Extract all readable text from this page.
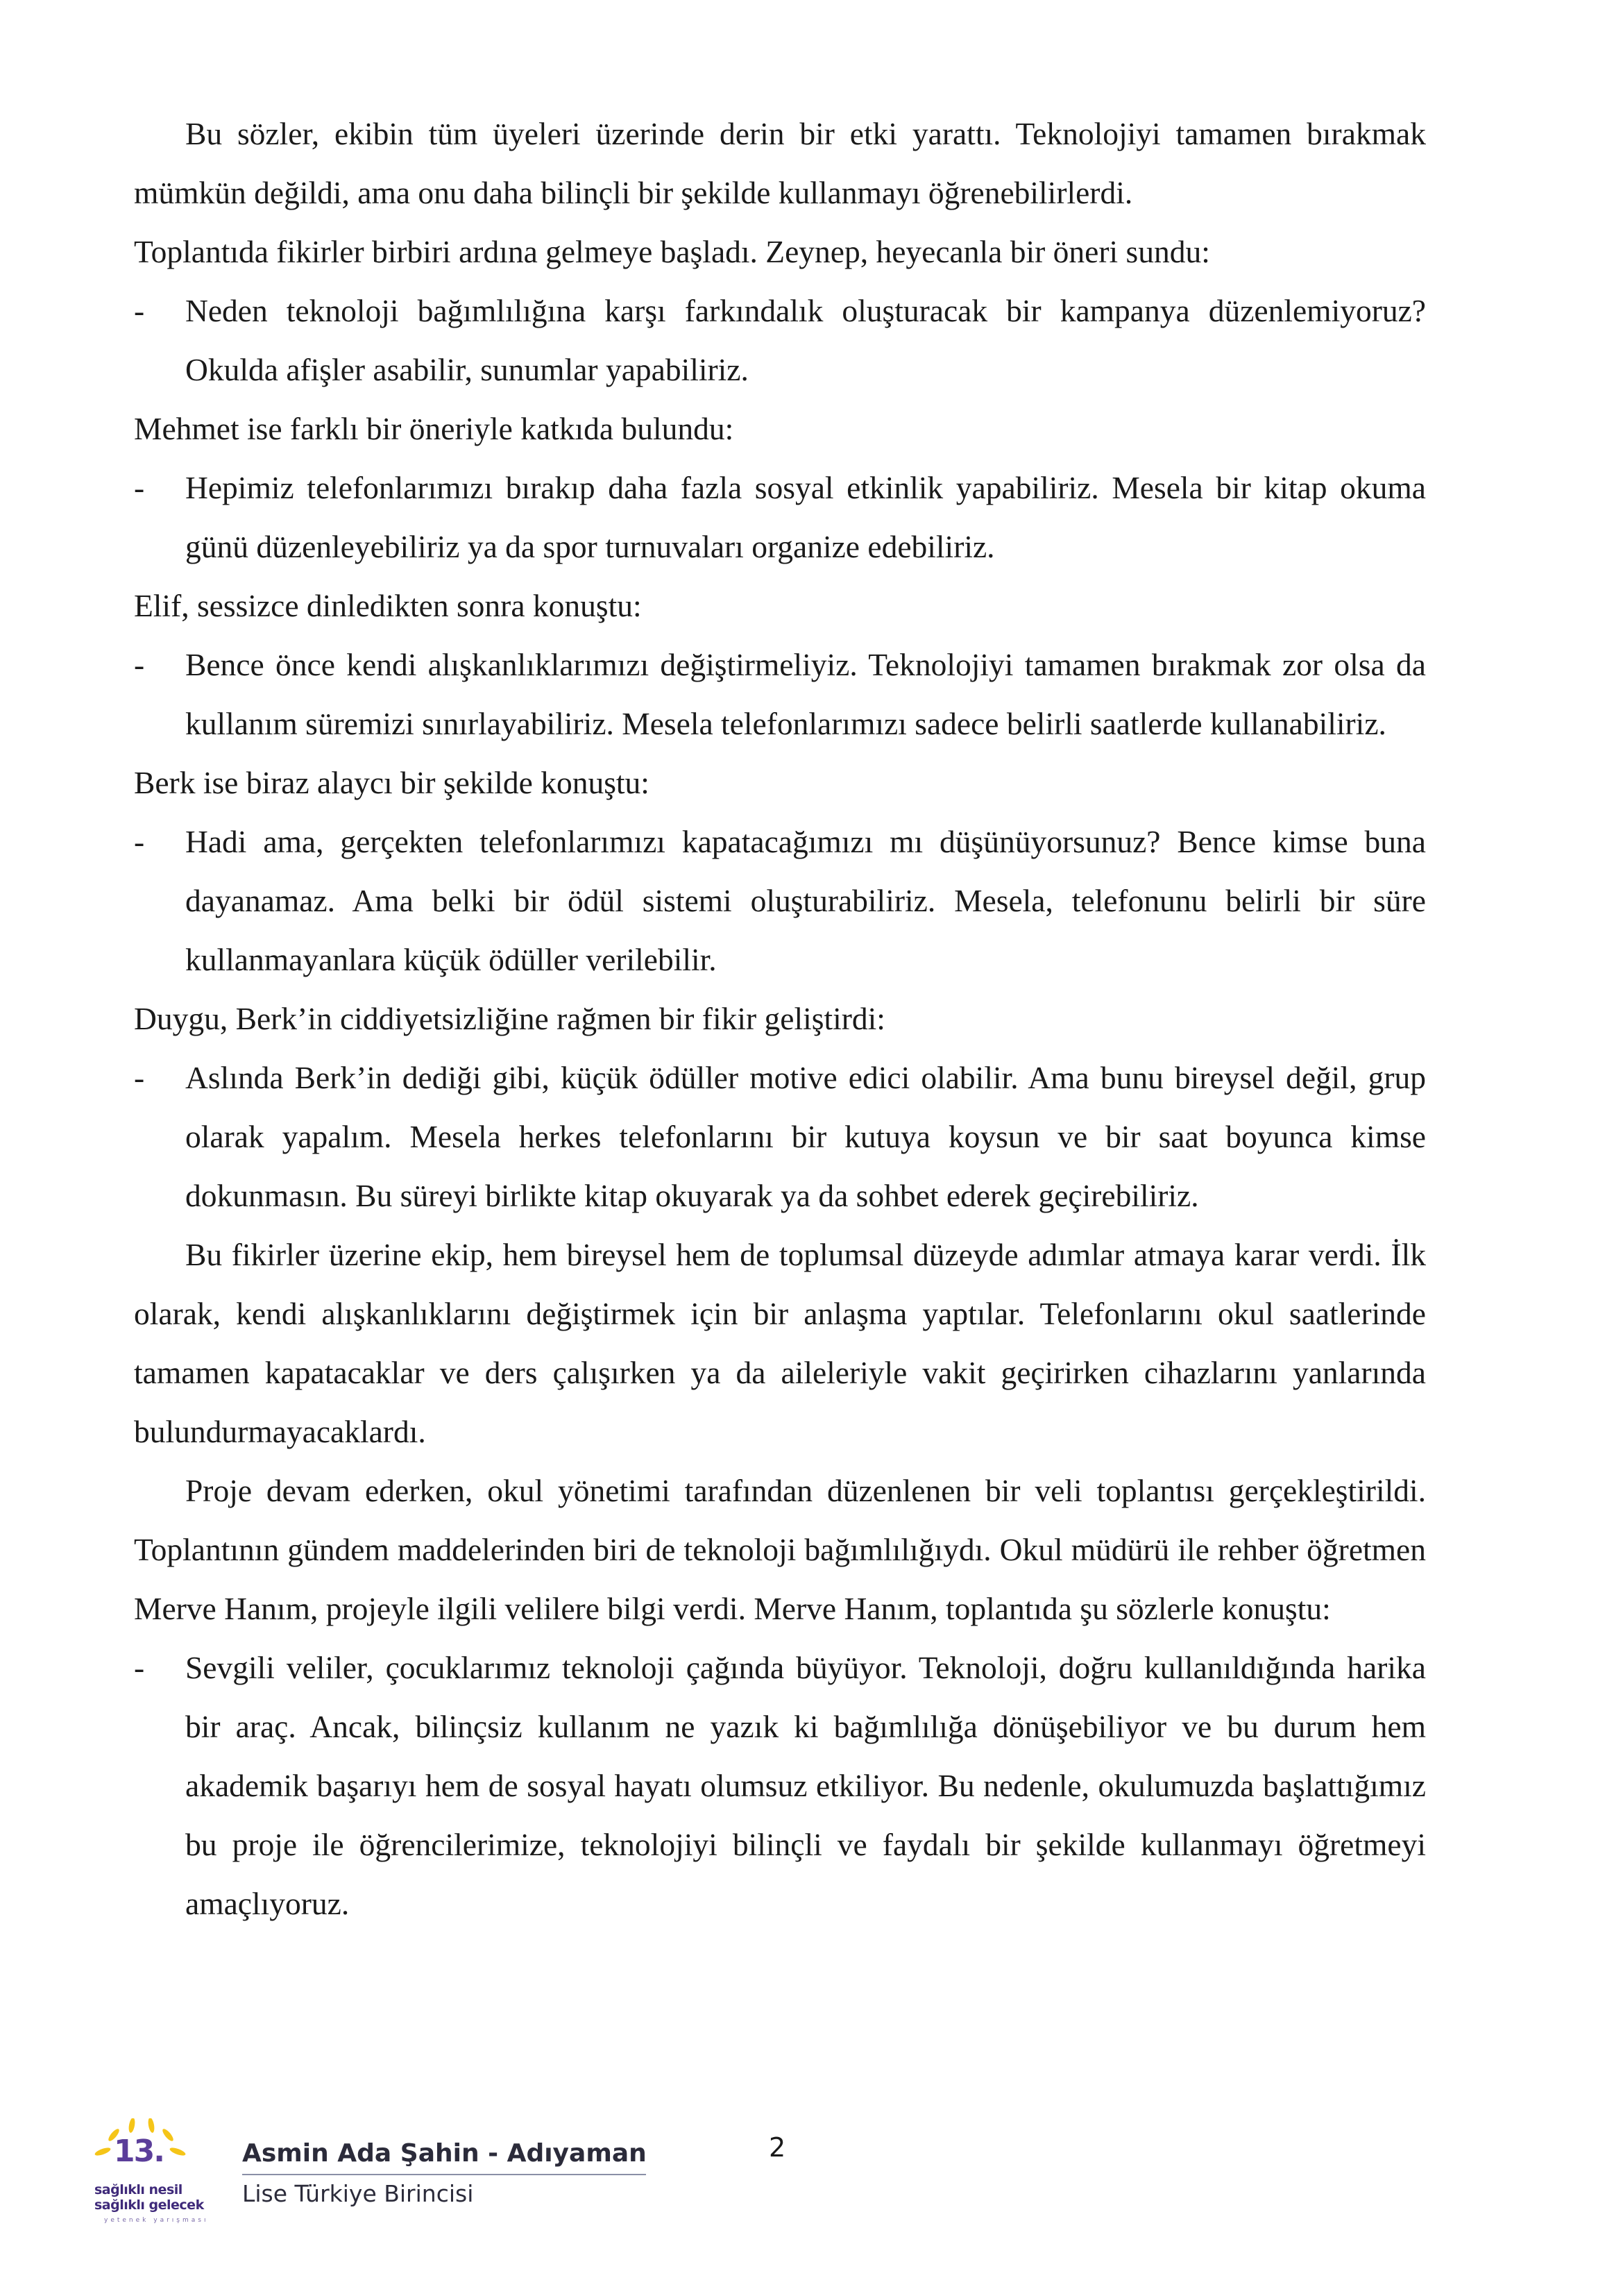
Bu sözler, ekibin tüm üyeleri üzerinde derin bir etki yarattı. Teknolojiyi tamamen bırakmak mümkün değildi, ama onu daha bilinçli bir şekilde kullanmayı öğrenebilirlerdi.

Toplantıda fikirler birbiri ardına gelmeye başladı. Zeynep, heyecanla bir öneri sundu:

- Neden teknoloji bağımlılığına karşı farkındalık oluşturacak bir kampanya düzenlemiyoruz? Okulda afişler asabilir, sunumlar yapabiliriz.

Mehmet ise farklı bir öneriyle katkıda bulundu:

- Hepimiz telefonlarımızı bırakıp daha fazla sosyal etkinlik yapabiliriz. Mesela bir kitap okuma günü düzenleyebiliriz ya da spor turnuvaları organize edebiliriz.

Elif, sessizce dinledikten sonra konuştu:

- Bence önce kendi alışkanlıklarımızı değiştirmeliyiz. Teknolojiyi tamamen bırakmak zor olsa da kullanım süremizi sınırlayabiliriz. Mesela telefonlarımızı sadece belirli saatlerde kullanabiliriz.

Berk ise biraz alaycı bir şekilde konuştu:

- Hadi ama, gerçekten telefonlarımızı kapatacağımızı mı düşünüyorsunuz? Bence kimse buna dayanamaz. Ama belki bir ödül sistemi oluşturabiliriz. Mesela, telefonunu belirli bir süre kullanmayanlara küçük ödüller verilebilir.

Duygu, Berk’in ciddiyetsizliğine rağmen bir fikir geliştirdi:

- Aslında Berk’in dediği gibi, küçük ödüller motive edici olabilir. Ama bunu bireysel değil, grup olarak yapalım. Mesela herkes telefonlarını bir kutuya koysun ve bir saat boyunca kimse dokunmasın. Bu süreyi birlikte kitap okuyarak ya da sohbet ederek geçirebiliriz.

Bu fikirler üzerine ekip, hem bireysel hem de toplumsal düzeyde adımlar atmaya karar verdi. İlk olarak, kendi alışkanlıklarını değiştirmek için bir anlaşma yaptılar. Telefonlarını okul saatlerinde tamamen kapatacaklar ve ders çalışırken ya da aileleriyle vakit geçirirken cihazlarını yanlarında bulundurmayacaklardı.

Proje devam ederken, okul yönetimi tarafından düzenlenen bir veli toplantısı gerçekleştirildi. Toplantının gündem maddelerinden biri de teknoloji bağımlılığıydı. Okul müdürü ile rehber öğretmen Merve Hanım, projeyle ilgili velilere bilgi verdi. Merve Hanım, toplantıda şu sözlerle konuştu:

- Sevgili veliler, çocuklarımız teknoloji çağında büyüyor. Teknoloji, doğru kullanıldığında harika bir araç. Ancak, bilinçsiz kullanım ne yazık ki bağımlılığa dönüşebiliyor ve bu durum hem akademik başarıyı hem de sosyal hayatı olumsuz etkiliyor. Bu nedenle, okulumuzda başlattığımız bu proje ile öğrencilerimize, teknolojiyi bilinçli ve faydalı bir şekilde kullanmayı öğretmeyi amaçlıyoruz.

13.
sağlıklı nesil
sağlıklı gelecek
yetenek yarışması
Asmin Ada Şahin - Adıyaman
Lise Türkiye Birincisi
2
